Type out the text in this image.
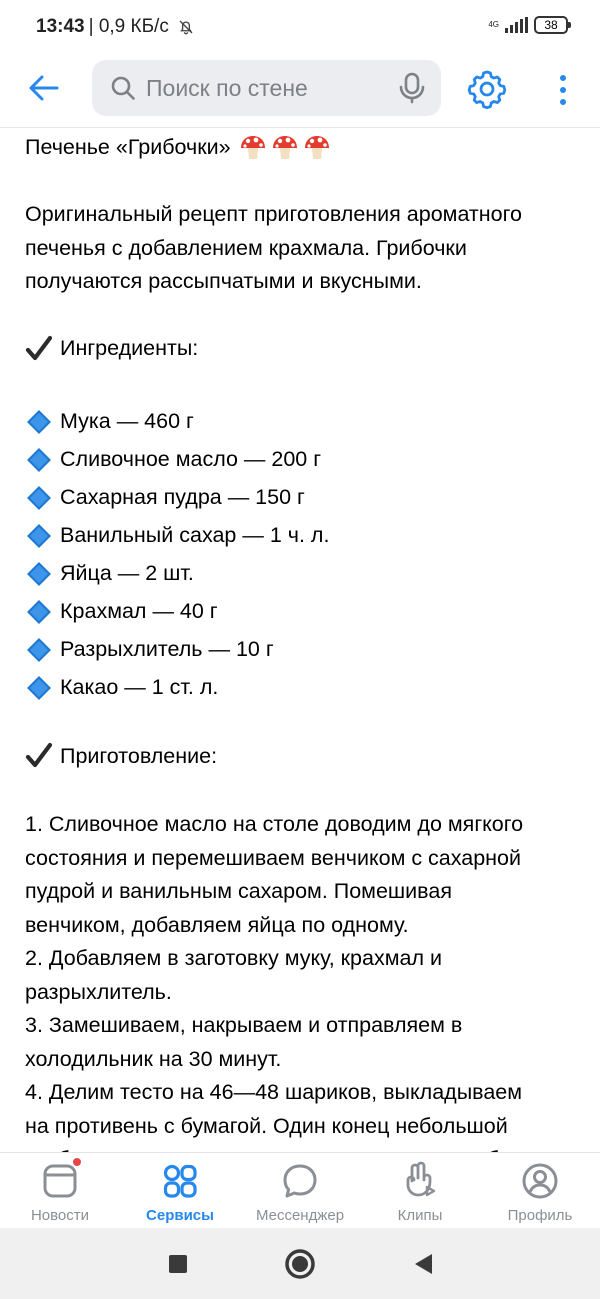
13:43 | 0,9 КБ/с	4G	38
Поиск по стене
Печенье «Грибочки»
Оригинальный рецепт приготовления ароматного
печенья с добавлением крахмала. Грибочки
получаются рассыпчатыми и вкусными.
Ингредиенты:
Мука — 460 г
Сливочное масло — 200 г
Сахарная пудра — 150 г
Ванильный сахар — 1 ч. л.
Яйца — 2 шт.
Крахмал — 40 г
Разрыхлитель — 10 г
Какао — 1 ст. л.
Приготовление:
1. Сливочное масло на столе доводим до мягкого
состояния и перемешиваем венчиком с сахарной
пудрой и ванильным сахаром. Помешивая
венчиком, добавляем яйца по одному.
2. Добавляем в заготовку муку, крахмал и
разрыхлитель.
3. Замешиваем, накрываем и отправляем в
холодильник на 30 минут.
4. Делим тесто на 46—48 шариков, выкладываем
на противень с бумагой. Один конец небольшой
Новости	Сервисы	Мессенджер	Клипы	Профиль
